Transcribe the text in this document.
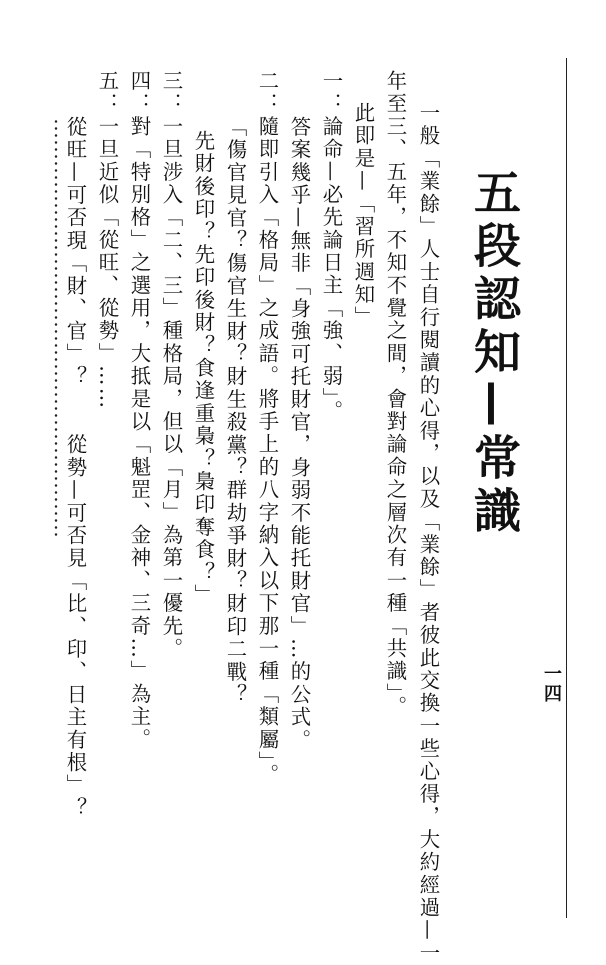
一四
五段認知—常識
一般「業餘」人士自行閱讀的心得，以及「業餘」者彼此交換一些心得，大約經過—一
年至三、五年，不知不覺之間，會對論命之層次有一種「共識」。
此即是—「習所週知」
一：論命—必先論日主「強、弱」。
答案幾乎—無非「身強可托財官，身弱不能托財官」…的公式。
二：隨即引入「格局」之成語。將手上的八字納入以下那一種「類屬」。
「傷官見官？傷官生財？財生殺黨？群劫爭財？財印二戰？
先財後印？先印後財？食逢重梟？梟印奪食？」
三：一旦涉入「二、三」種格局，但以「月」為第一優先。
四：對「特別格」之選用，大抵是以「魁罡、金神、三奇…」為主。
五：一旦近似「從旺、從勢」……
從旺—可否現「財、官」？　　從勢—可否見「比、印、日主有根」？
